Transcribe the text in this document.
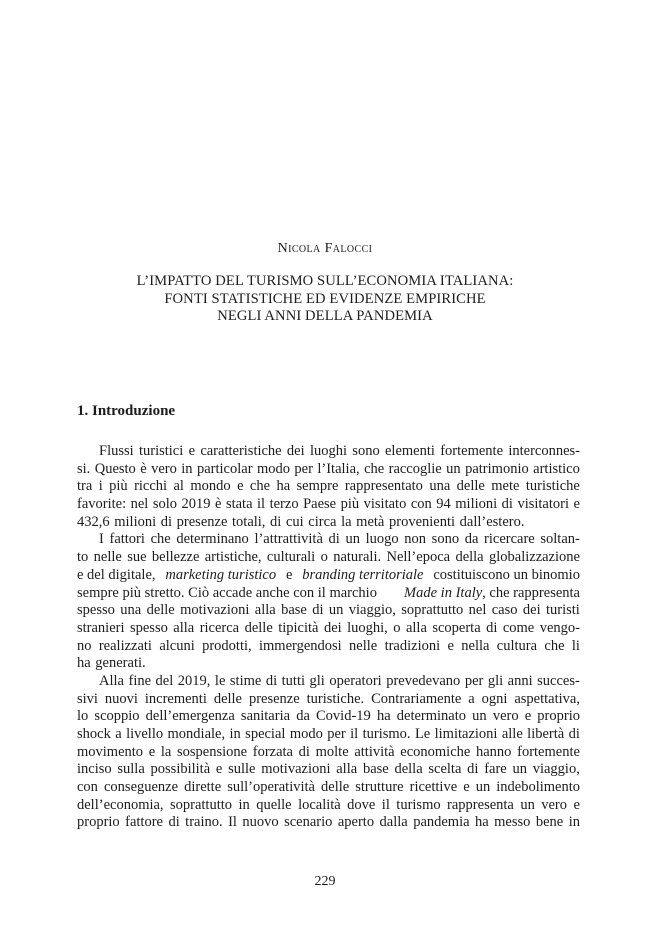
Nicola Falocci
L’IMPATTO DEL TURISMO SULL’ECONOMIA ITALIANA:
FONTI STATISTICHE ED EVIDENZE EMPIRICHE
NEGLI ANNI DELLA PANDEMIA
1. Introduzione
Flussi turistici e caratteristiche dei luoghi sono elementi fortemente interconnes-
si. Questo è vero in particolar modo per l’Italia, che raccoglie un patrimonio artistico
tra i più ricchi al mondo e che ha sempre rappresentato una delle mete turistiche
favorite: nel solo 2019 è stata il terzo Paese più visitato con 94 milioni di visitatori e
432,6 milioni di presenze totali, di cui circa la metà provenienti dall’estero.
I fattori che determinano l’attrattività di un luogo non sono da ricercare soltan-
to nelle sue bellezze artistiche, culturali o naturali. Nell’epoca della globalizzazione
e del digitale, marketing turistico e branding territoriale costituiscono un binomio
sempre più stretto. Ciò accade anche con il marchio Made in Italy, che rappresenta
spesso una delle motivazioni alla base di un viaggio, soprattutto nel caso dei turisti
stranieri spesso alla ricerca delle tipicità dei luoghi, o alla scoperta di come vengo-
no realizzati alcuni prodotti, immergendosi nelle tradizioni e nella cultura che li
ha generati.
Alla fine del 2019, le stime di tutti gli operatori prevedevano per gli anni succes-
sivi nuovi incrementi delle presenze turistiche. Contrariamente a ogni aspettativa,
lo scoppio dell’emergenza sanitaria da Covid-19 ha determinato un vero e proprio
shock a livello mondiale, in special modo per il turismo. Le limitazioni alle libertà di
movimento e la sospensione forzata di molte attività economiche hanno fortemente
inciso sulla possibilità e sulle motivazioni alla base della scelta di fare un viaggio,
con conseguenze dirette sull’operatività delle strutture ricettive e un indebolimento
dell’economia, soprattutto in quelle località dove il turismo rappresenta un vero e
proprio fattore di traino. Il nuovo scenario aperto dalla pandemia ha messo bene in
229
